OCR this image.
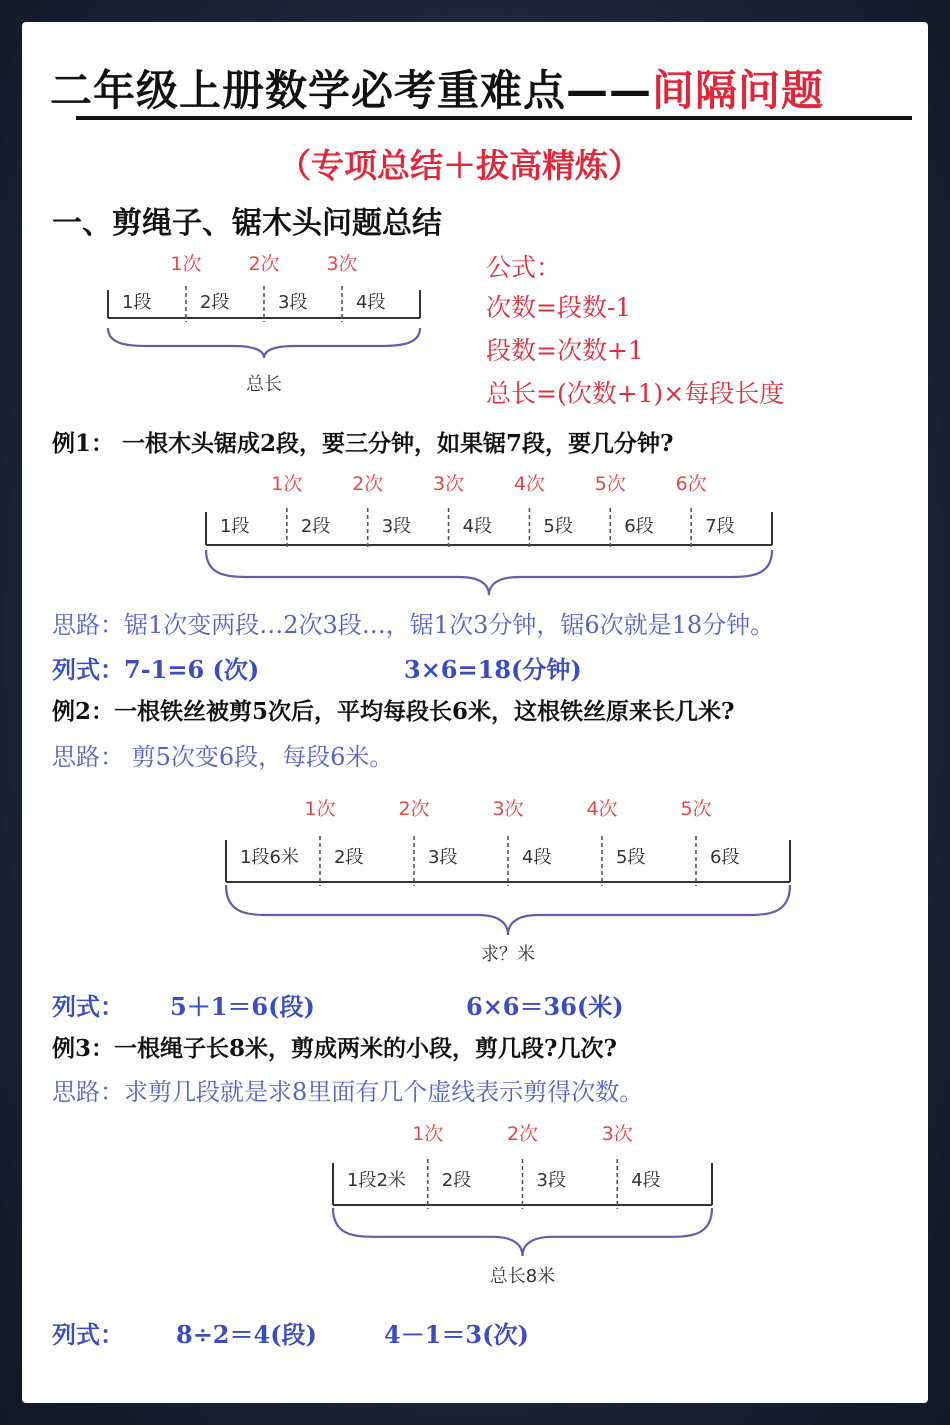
二年级上册数学必考重难点——间隔问题
（专项总结＋拔高精炼）
一、剪绳子、锯木头问题总结
公式：
次数=段数-1
段数=次数+1
总长=(次数+1)×每段长度
例1： 一根木头锯成2段，要三分钟，如果锯7段，要几分钟?
思路：锯1次变两段…2次3段…，锯1次3分钟，锯6次就是18分钟。
列式：7-1=6 (次)	3×6=18(分钟)
例2：一根铁丝被剪5次后，平均每段长6米，这根铁丝原来长几米?
思路： 剪5次变6段，每段6米。
列式： 5＋1＝6(段)	6×6＝36(米)
例3：一根绳子长8米，剪成两米的小段，剪几段?几次?
思路：求剪几段就是求8里面有几个虚线表示剪得次数。
列式： 8÷2＝4(段)	4－1＝3(次)
1段	2段	3段	4段
1次 2次 3次
总长
1段	2段	3段	4段	5段	6段	7段
1次	2次	3次	4次	5次	6次
1段6米 2段	3段	4段	5段	6段
1次	2次	3次	4次	5次
求？米
1段2米 2段	3段	4段
1次	2次	3次
总长8米
